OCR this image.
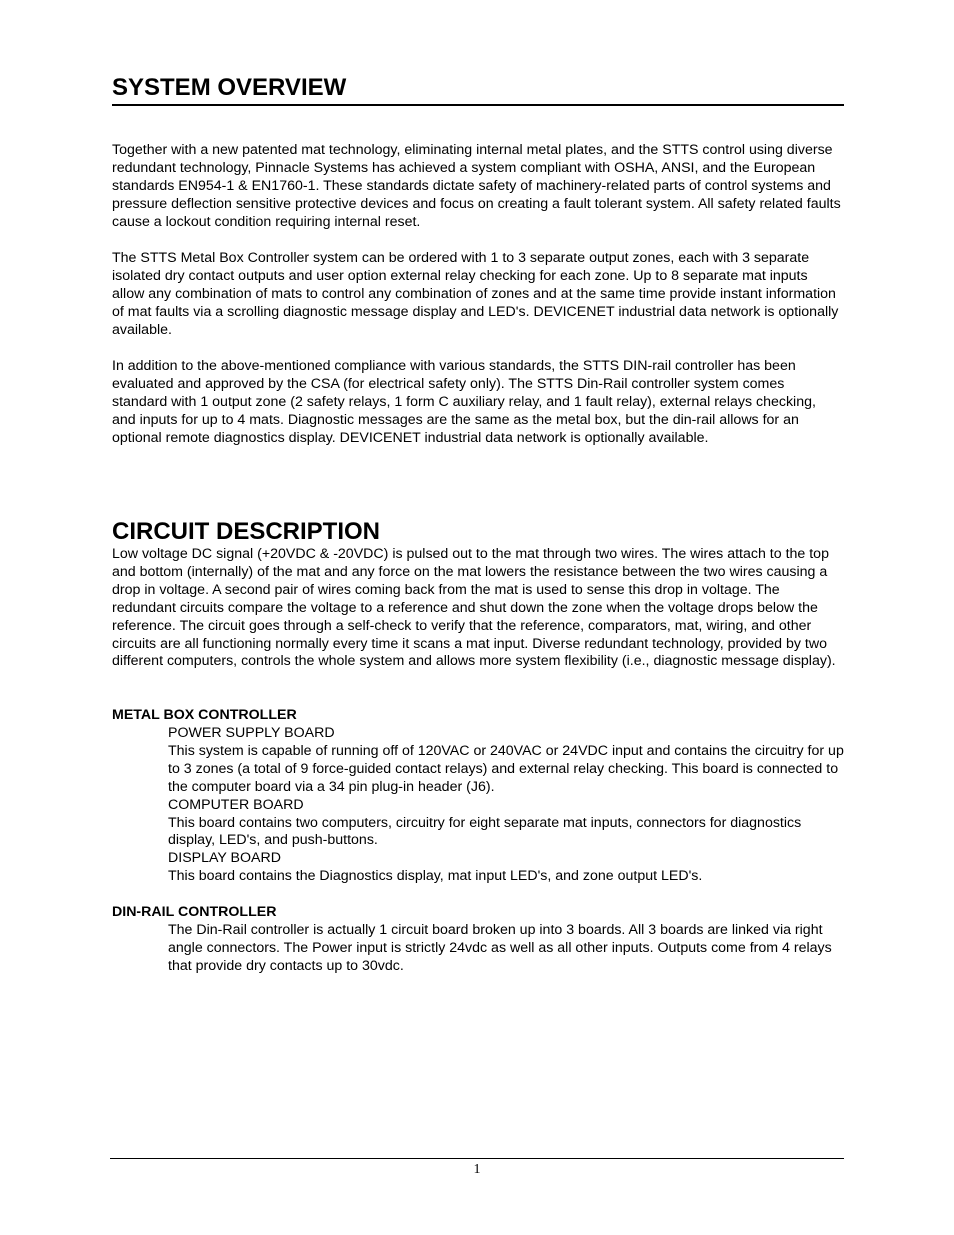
SYSTEM OVERVIEW

Together with a new patented mat technology, eliminating internal metal plates, and the STTS control using diverse redundant technology, Pinnacle Systems has achieved a system compliant with OSHA, ANSI, and the European standards EN954-1 & EN1760-1. These standards dictate safety of machinery-related parts of control systems and pressure deflection sensitive protective devices and focus on creating a fault tolerant system. All safety related faults cause a lockout condition requiring internal reset.

The STTS Metal Box Controller system can be ordered with 1 to 3 separate output zones, each with 3 separate isolated dry contact outputs and user option external relay checking for each zone. Up to 8 separate mat inputs allow any combination of mats to control any combination of zones and at the same time provide instant information of mat faults via a scrolling diagnostic message display and LED's. DEVICENET industrial data network is optionally available.

In addition to the above-mentioned compliance with various standards, the STTS DIN-rail controller has been evaluated and approved by the CSA (for electrical safety only). The STTS Din-Rail controller system comes standard with 1 output zone (2 safety relays, 1 form C auxiliary relay, and 1 fault relay), external relays checking, and inputs for up to 4 mats. Diagnostic messages are the same as the metal box, but the din-rail allows for an optional remote diagnostics display. DEVICENET industrial data network is optionally available.

CIRCUIT DESCRIPTION

Low voltage DC signal (+20VDC & -20VDC) is pulsed out to the mat through two wires. The wires attach to the top and bottom (internally) of the mat and any force on the mat lowers the resistance between the two wires causing a drop in voltage. A second pair of wires coming back from the mat is used to sense this drop in voltage. The redundant circuits compare the voltage to a reference and shut down the zone when the voltage drops below the reference. The circuit goes through a self-check to verify that the reference, comparators, mat, wiring, and other circuits are all functioning normally every time it scans a mat input. Diverse redundant technology, provided by two different computers, controls the whole system and allows more system flexibility (i.e., diagnostic message display).

METAL BOX CONTROLLER

POWER SUPPLY BOARD
This system is capable of running off of 120VAC or 240VAC or 24VDC input and contains the circuitry for up to 3 zones (a total of 9 force-guided contact relays) and external relay checking. This board is connected to the computer board via a 34 pin plug-in header (J6).
COMPUTER BOARD
This board contains two computers, circuitry for eight separate mat inputs, connectors for diagnostics display, LED's, and push-buttons.
DISPLAY BOARD
This board contains the Diagnostics display, mat input LED's, and zone output LED's.

DIN-RAIL CONTROLLER

The Din-Rail controller is actually 1 circuit board broken up into 3 boards. All 3 boards are linked via right angle connectors. The Power input is strictly 24vdc as well as all other inputs. Outputs come from 4 relays that provide dry contacts up to 30vdc.
1
